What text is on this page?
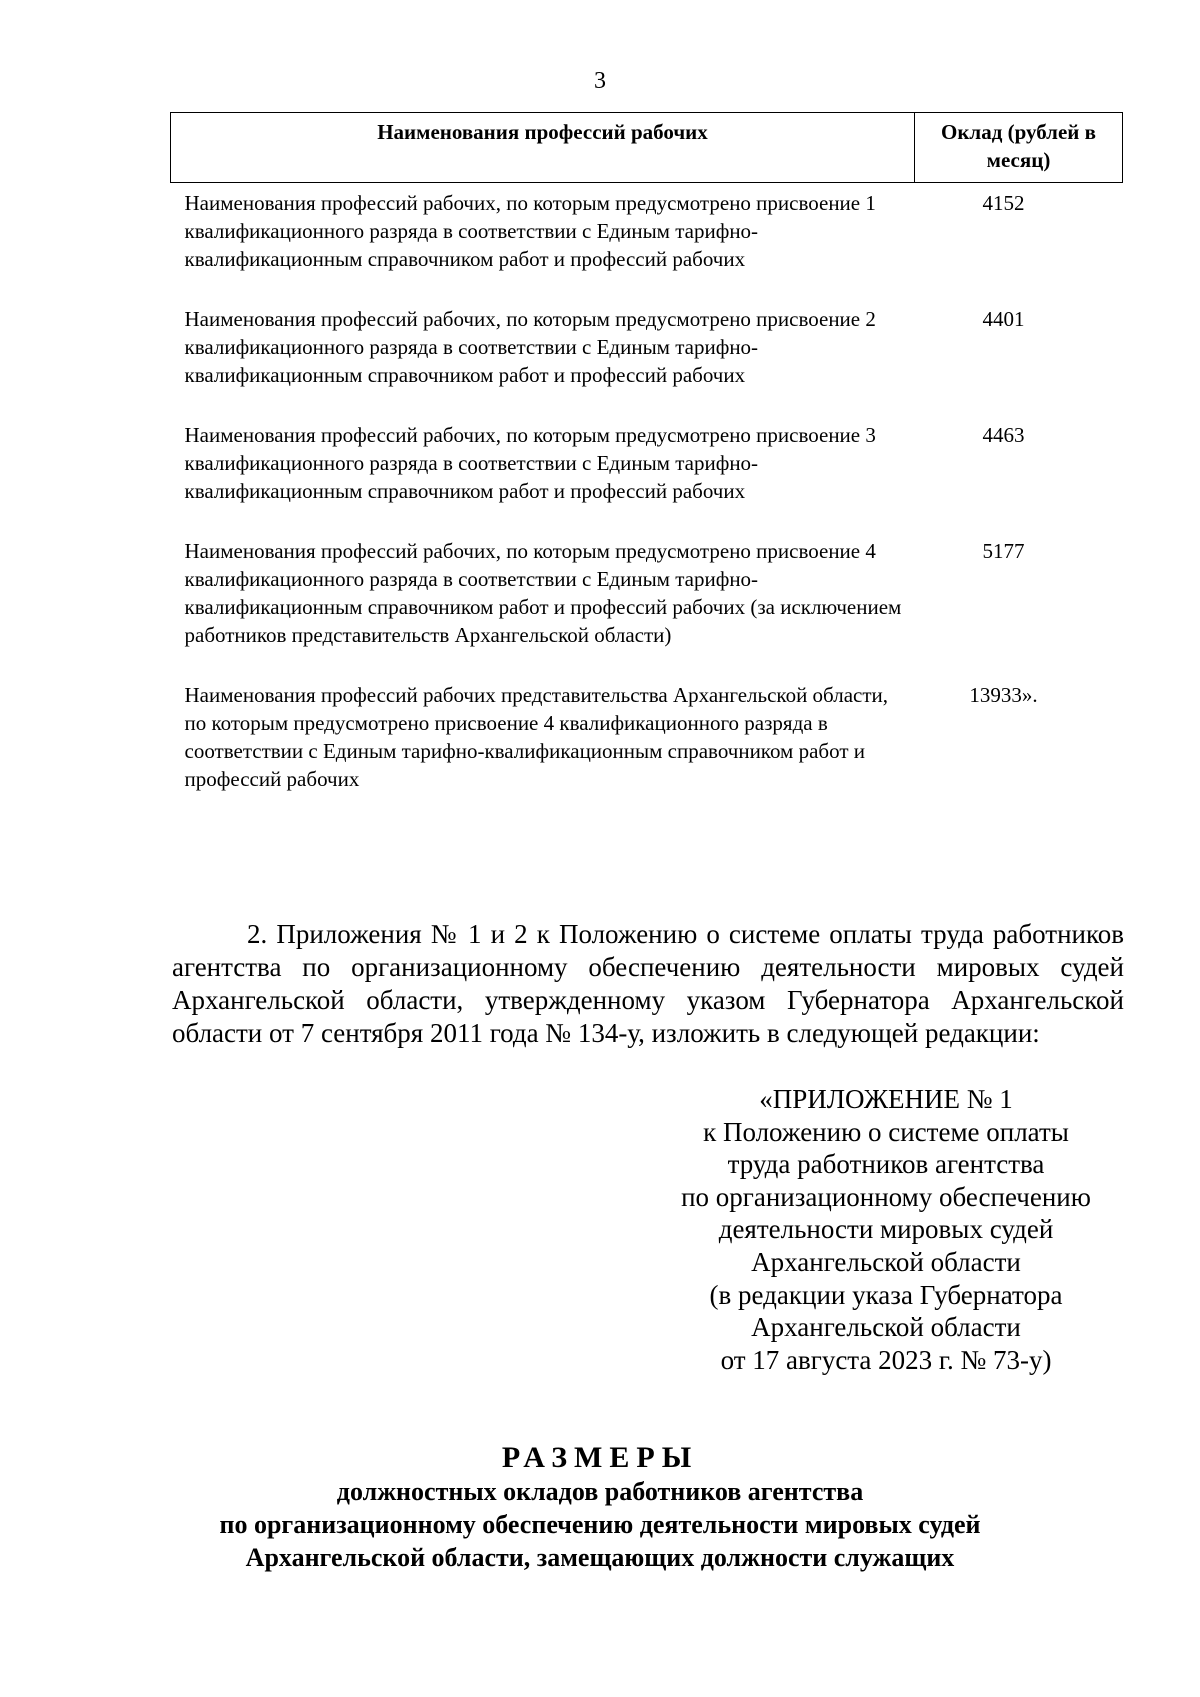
3
Наименования профессий рабочих	Оклад (рублей в месяц)
Наименования профессий рабочих, по которым предусмотрено присвоение 1 квалификационного разряда в соответствии с Единым тарифно-квалификационным справочником работ и профессий рабочих	4152
Наименования профессий рабочих, по которым предусмотрено присвоение 2 квалификационного разряда в соответствии с Единым тарифно-квалификационным справочником работ и профессий рабочих	4401
Наименования профессий рабочих, по которым предусмотрено присвоение 3 квалификационного разряда в соответствии с Единым тарифно-квалификационным справочником работ и профессий рабочих	4463
Наименования профессий рабочих, по которым предусмотрено присвоение 4 квалификационного разряда в соответствии с Единым тарифно-квалификационным справочником работ и профессий рабочих (за исключением работников представительств Архангельской области)	5177
Наименования профессий рабочих представительства Архангельской области, по которым предусмотрено присвоение 4 квалификационного разряда в соответствии с Единым тарифно-квалификационным справочником работ и профессий рабочих	13933».

2. Приложения № 1 и 2 к Положению о системе оплаты труда работников агентства по организационному обеспечению деятельности мировых судей Архангельской области, утвержденному указом Губернатора Архангельской области от 7 сентября 2011 года № 134-у, изложить в следующей редакции:

«ПРИЛОЖЕНИЕ № 1
к Положению о системе оплаты
труда работников агентства
по организационному обеспечению
деятельности мировых судей
Архангельской области
(в редакции указа Губернатора
Архангельской области
от 17 августа 2023 г. № 73-у)
РАЗМЕРЫ
должностных окладов работников агентства
по организационному обеспечению деятельности мировых судей
Архангельской области, замещающих должности служащих
